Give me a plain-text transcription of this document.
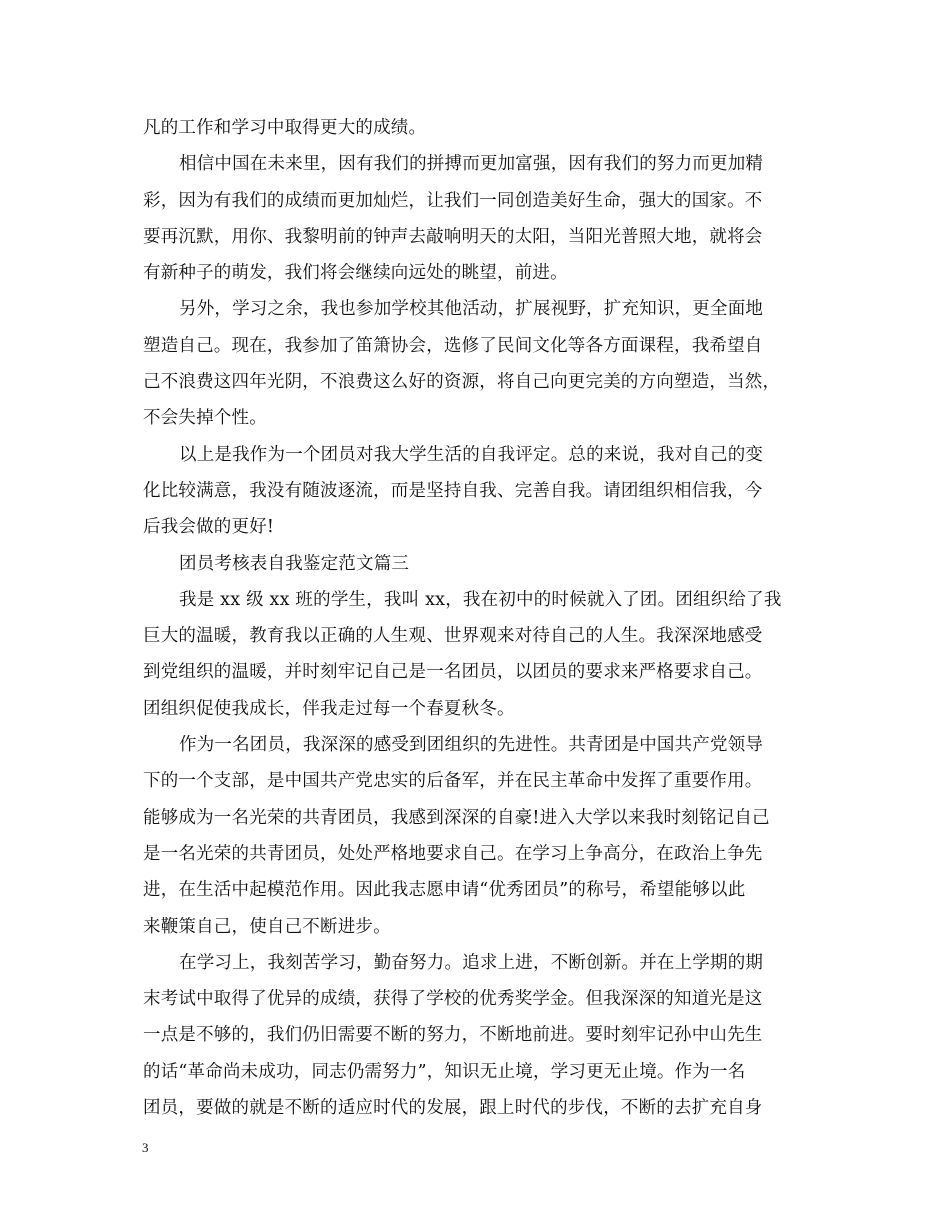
凡的工作和学习中取得更大的成绩。
相信中国在未来里，因有我们的拼搏而更加富强，因有我们的努力而更加精
彩，因为有我们的成绩而更加灿烂，让我们一同创造美好生命，强大的国家。不
要再沉默，用你、我黎明前的钟声去敲响明天的太阳，当阳光普照大地，就将会
有新种子的萌发，我们将会继续向远处的眺望，前进。
另外，学习之余，我也参加学校其他活动，扩展视野，扩充知识，更全面地
塑造自己。现在，我参加了笛箫协会，选修了民间文化等各方面课程，我希望自
己不浪费这四年光阴，不浪费这么好的资源，将自己向更完美的方向塑造，当然，
不会失掉个性。
以上是我作为一个团员对我大学生活的自我评定。总的来说，我对自己的变
化比较满意，我没有随波逐流，而是坚持自我、完善自我。请团组织相信我，今
后我会做的更好!
团员考核表自我鉴定范文篇三
我是 xx 级 xx 班的学生，我叫 xx，我在初中的时候就入了团。团组织给了我
巨大的温暖，教育我以正确的人生观、世界观来对待自己的人生。我深深地感受
到党组织的温暖，并时刻牢记自己是一名团员，以团员的要求来严格要求自己。
团组织促使我成长，伴我走过每一个春夏秋冬。
作为一名团员，我深深的感受到团组织的先进性。共青团是中国共产党领导
下的一个支部，是中国共产党忠实的后备军，并在民主革命中发挥了重要作用。
能够成为一名光荣的共青团员，我感到深深的自豪!进入大学以来我时刻铭记自己
是一名光荣的共青团员，处处严格地要求自己。在学习上争高分，在政治上争先
进，在生活中起模范作用。因此我志愿申请“优秀团员”的称号，希望能够以此
来鞭策自己，使自己不断进步。
在学习上，我刻苦学习，勤奋努力。追求上进，不断创新。并在上学期的期
末考试中取得了优异的成绩，获得了学校的优秀奖学金。但我深深的知道光是这
一点是不够的，我们仍旧需要不断的努力，不断地前进。要时刻牢记孙中山先生
的话“革命尚未成功，同志仍需努力”，知识无止境，学习更无止境。作为一名
团员，要做的就是不断的适应时代的发展，跟上时代的步伐，不断的去扩充自身
3
